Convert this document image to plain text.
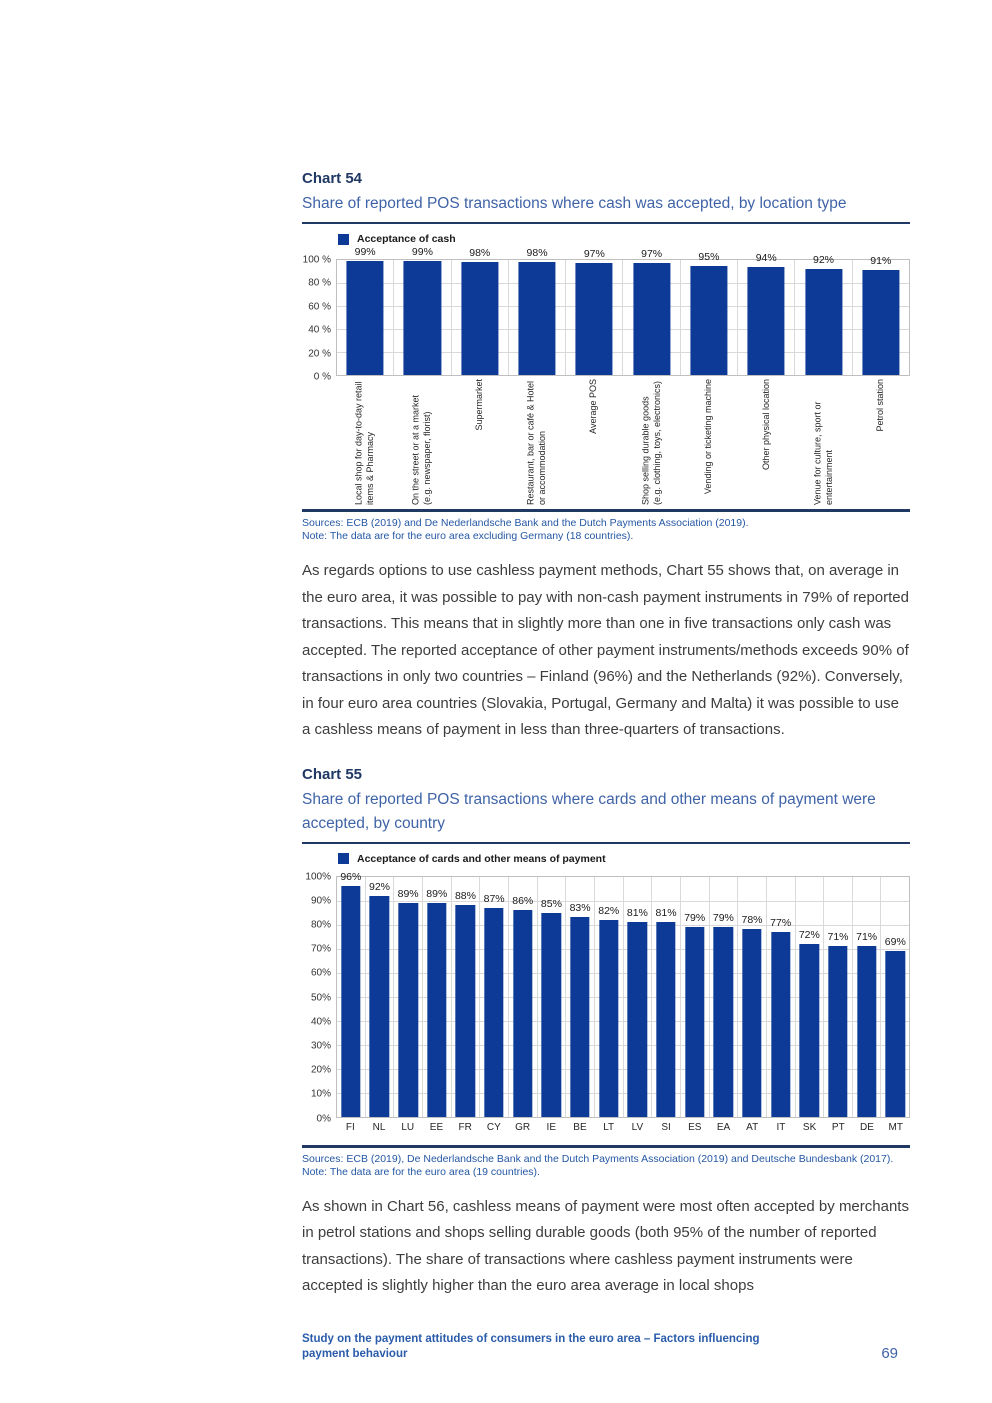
Chart 54
Share of reported POS transactions where cash was accepted, by location type
Acceptance of cash
100 %
80 %
60 %
40 %
20 %
0 %
99%	99%	98%	98%	97%	97%	95%	94%	92%	91%
Local shop for day-to-day retail items & Pharmacy	On the street or at a market (e.g. newspaper, florist)
Supermarket	Restaurant, bar or café & Hotel or accommodation
Average POS	Shop selling durable goods (e.g. clothing, toys, electronics)	Vending or ticketing machine	Other physical location	Venue for culture, sport or entertainment
Petrol station
Sources: ECB (2019) and De Nederlandsche Bank and the Dutch Payments Association (2019).
Note: The data are for the euro area excluding Germany (18 countries).

As regards options to use cashless payment methods, Chart 55 shows that, on average in the euro area, it was possible to pay with non-cash payment instruments in 79% of reported transactions. This means that in slightly more than one in five transactions only cash was accepted. The reported acceptance of other payment instruments/methods exceeds 90% of transactions in only two countries – Finland (96%) and the Netherlands (92%). Conversely, in four euro area countries (Slovakia, Portugal, Germany and Malta) it was possible to use a cashless means of payment in less than three-quarters of transactions.

Chart 55
Share of reported POS transactions where cards and other means of payment were accepted, by country
Acceptance of cards and other means of payment
100%
90%
80%
70%
60%
50%
40%
30%
20%
10%
0%
96%
92%
89% 89% 88% 87% 86% 85% 83% 82% 81% 81% 79% 79% 78% 77%
72% 71% 71% 69%
FI	NL	LU	EE	FR	CY	GR	IE	BE	LT	LV	SI	ES	EA	AT	IT	SK	PT	DE	MT
Sources: ECB (2019), De Nederlandsche Bank and the Dutch Payments Association (2019) and Deutsche Bundesbank (2017).
Note: The data are for the euro area (19 countries).

As shown in Chart 56, cashless means of payment were most often accepted by merchants in petrol stations and shops selling durable goods (both 95% of the number of reported transactions). The share of transactions where cashless payment instruments were accepted is slightly higher than the euro area average in local shops

Study on the payment attitudes of consumers in the euro area – Factors influencing payment behaviour	69
